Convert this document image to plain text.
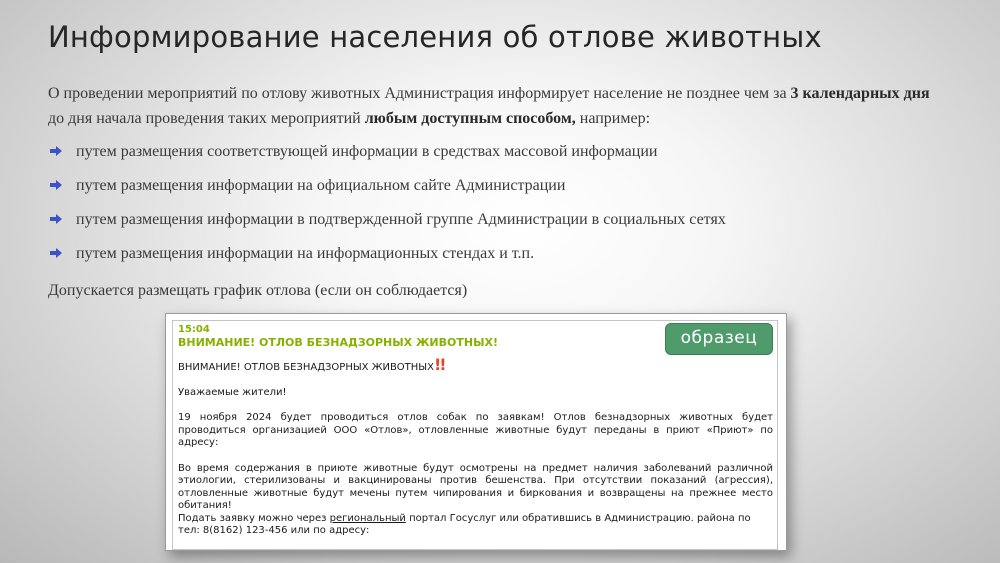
Информирование населения об отлове животных
О проведении мероприятий по отлову животных Администрация информирует население не позднее чем за 3 календарных дня до дня начала проведения таких мероприятий любым доступным способом, например:
путем размещения соответствующей информации в средствах массовой информации
путем размещения информации на официальном сайте Администрации
путем размещения информации в подтвержденной группе Администрации в социальных сетях
путем размещения информации на информационных стендах и т.п.
Допускается размещать график отлова (если он соблюдается)
15:04
ВНИМАНИЕ! ОТЛОВ БЕЗНАДЗОРНЫХ ЖИВОТНЫХ!	образец

ВНИМАНИЕ! ОТЛОВ БЕЗНАДЗОРНЫХ ЖИВОТНЫХ!!

Уважаемые жители!

19 ноября 2024 будет проводиться отлов собак по заявкам! Отлов безнадзорных животных будет проводиться организацией ООО «Отлов», отловленные животные будут переданы в приют «Приют» по адресу:

Во время содержания в приюте животные будут осмотрены на предмет наличия заболеваний различной этиологии, стерилизованы и вакцинированы против бешенства. При отсутствии показаний (агрессия), отловленные животные будут мечены путем чипирования и биркования и возвращены на прежнее место обитания!

Подать заявку можно через региональный портал Госуслуг или обратившись в Администрацию. района по тел: 8(8162) 123-456 или по адресу:
